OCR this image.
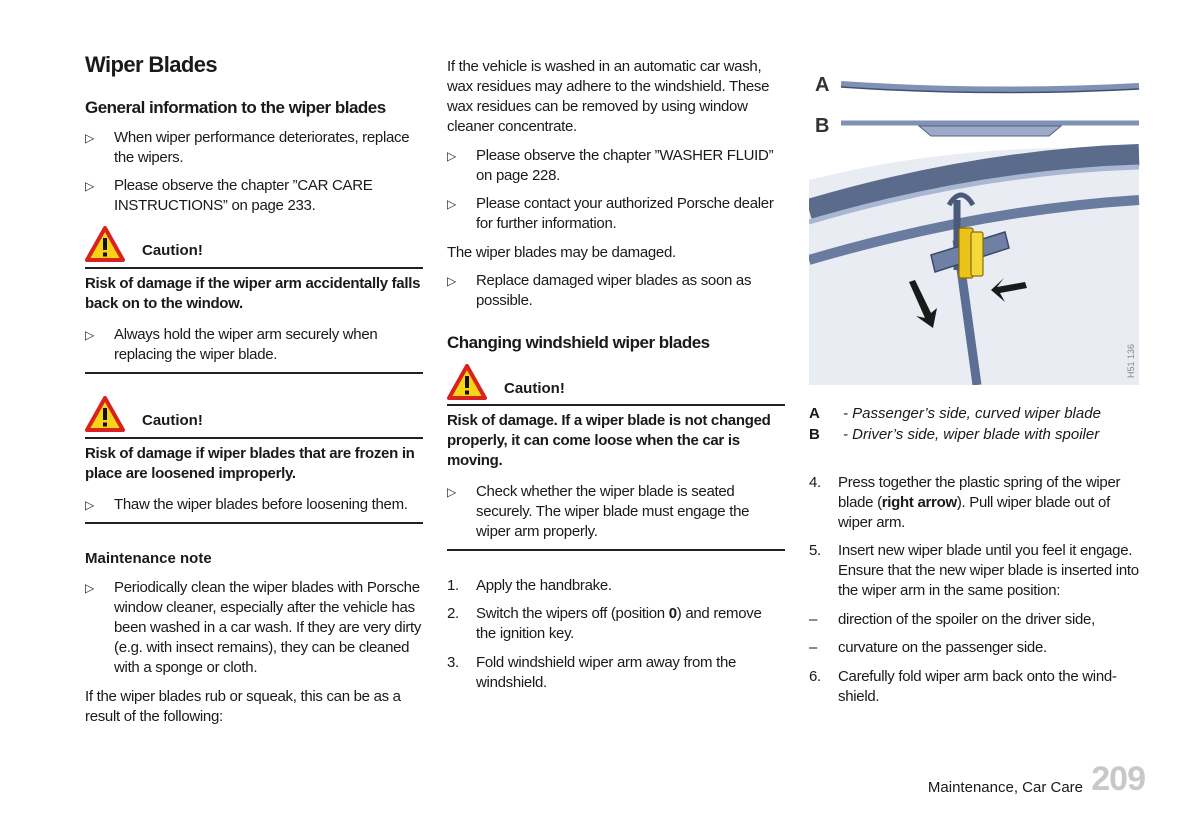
Wiper Blades
General information to the wiper blades
▷ When wiper performance deteriorates, replace the wipers.
▷ Please observe the chapter ”CAR CARE INSTRUCTIONS” on page 233.
Caution!
Risk of damage if the wiper arm accidentally falls back on to the window.
▷ Always hold the wiper arm securely when replacing the wiper blade.
Caution!
Risk of damage if wiper blades that are frozen in place are loosened improperly.
▷ Thaw the wiper blades before loosening them.
Maintenance note
▷ Periodically clean the wiper blades with Porsche window cleaner, especially after the vehicle has been washed in a car wash. If they are very dirty (e.g. with insect remains), they can be cleaned with a sponge or cloth.
If the wiper blades rub or squeak, this can be as a result of the following:
If the vehicle is washed in an automatic car wash, wax residues may adhere to the windshield. These wax residues can be removed by using window cleaner concentrate.
▷ Please observe the chapter ”WASHER FLUID” on page 228.
▷ Please contact your authorized Porsche dealer for further information.
The wiper blades may be damaged.
▷ Replace damaged wiper blades as soon as possible.
Changing windshield wiper blades
Caution!
Risk of damage. If a wiper blade is not changed properly, it can come loose when the car is moving.
▷ Check whether the wiper blade is seated securely. The wiper blade must engage the wiper arm properly.
1. Apply the handbrake.
2. Switch the wipers off (position 0) and remove the ignition key.
3. Fold windshield wiper arm away from the windshield.
A
B
H51 136
A - Passenger’s side, curved wiper blade
B - Driver’s side, wiper blade with spoiler
4. Press together the plastic spring of the wiper blade (right arrow). Pull wiper blade out of wiper arm.
5. Insert new wiper blade until you feel it engage. Ensure that the new wiper blade is inserted into the wiper arm in the same position:
– direction of the spoiler on the driver side,
– curvature on the passenger side.
6. Carefully fold wiper arm back onto the wind-shield.
Maintenance, Car Care 209
